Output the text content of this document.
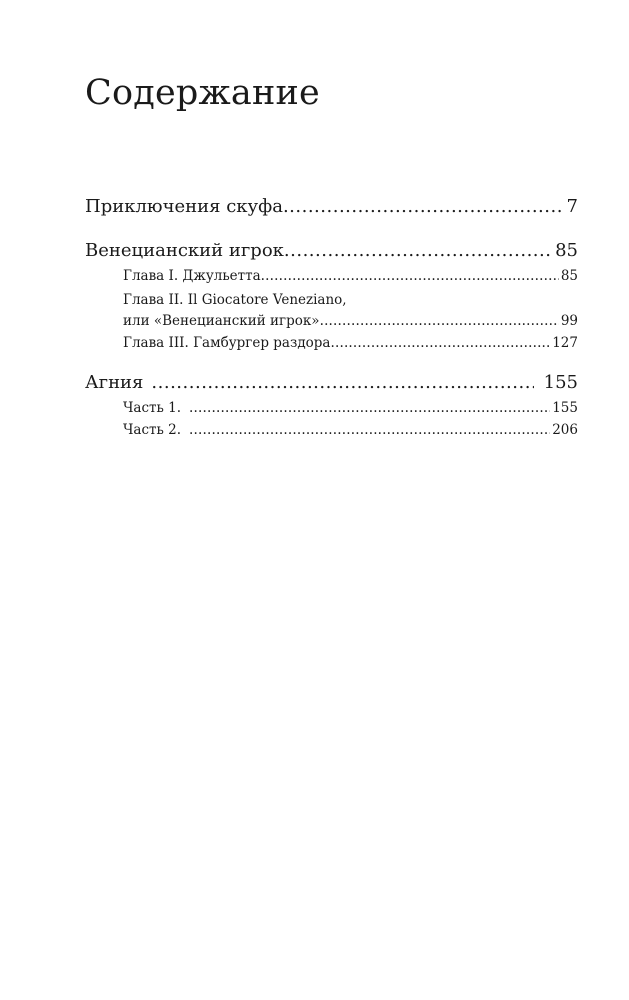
Содержание
Приключения скуфа .....	7
Венецианский игрок .....	85
Глава I. Джульетта .....	85
Глава II. Il Giocatore Veneziano,
или «Венецианский игрок» .....	99
Глава III. Гамбургер раздора .....	127
Агния .....	155
Часть 1. .....	155
Часть 2. .....	206
